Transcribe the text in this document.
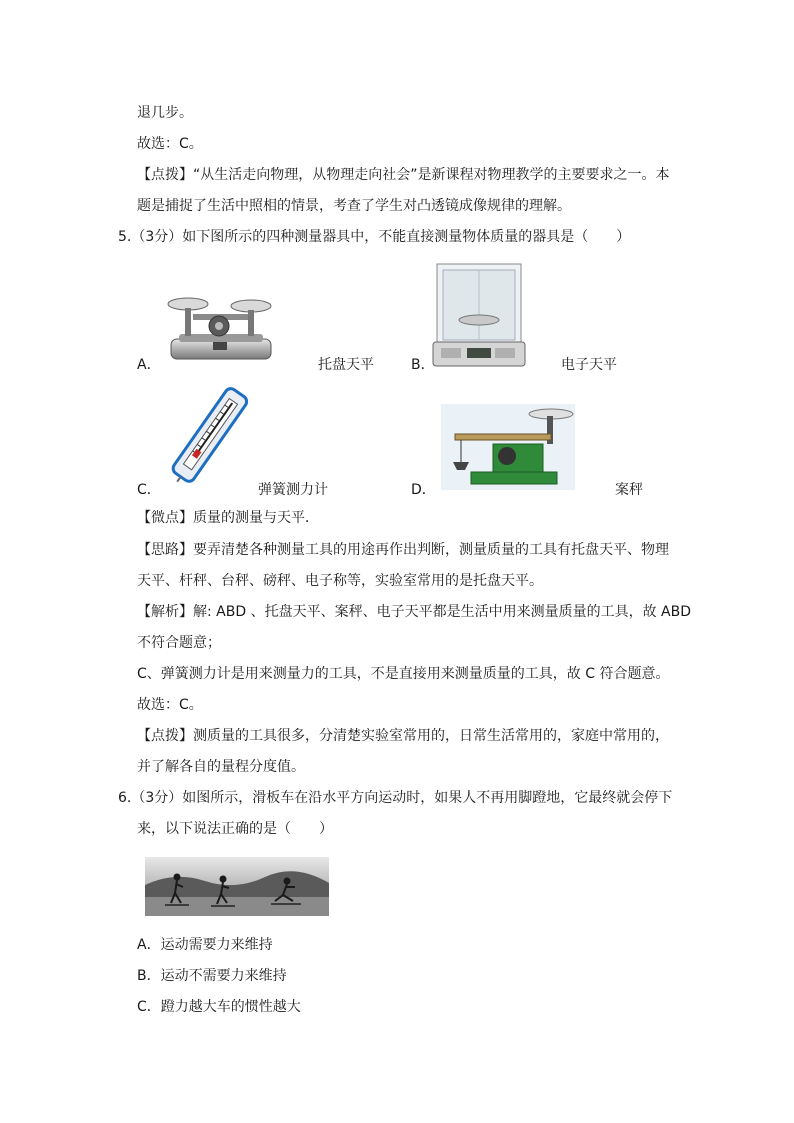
退几步。
故选：C。
【点拨】“从生活走向物理，从物理走向社会”是新课程对物理教学的主要要求之一。本
题是捕捉了生活中照相的情景，考查了学生对凸透镜成像规律的理解。
5.（3分）如下图所示的四种测量器具中，不能直接测量物体质量的器具是（　　）
A．	托盘天平	B．	电子天平
C．	弹簧测力计	D．	案秤
【微点】质量的测量与天平．
【思路】要弄清楚各种测量工具的用途再作出判断，测量质量的工具有托盘天平、物理
天平、杆秤、台秤、磅秤、电子称等，实验室常用的是托盘天平。
【解析】解: ABD 、托盘天平、案秤、电子天平都是生活中用来测量质量的工具，故 ABD
不符合题意；
C、弹簧测力计是用来测量力的工具，不是直接用来测量质量的工具，故 C 符合题意。
故选：C。
【点拨】测质量的工具很多，分清楚实验室常用的，日常生活常用的，家庭中常用的，
并了解各自的量程分度值。
6.（3分）如图所示，滑板车在沿水平方向运动时，如果人不再用脚蹬地，它最终就会停下
来，以下说法正确的是（　　）
A．运动需要力来维持
B．运动不需要力来维持
C．蹬力越大车的惯性越大
